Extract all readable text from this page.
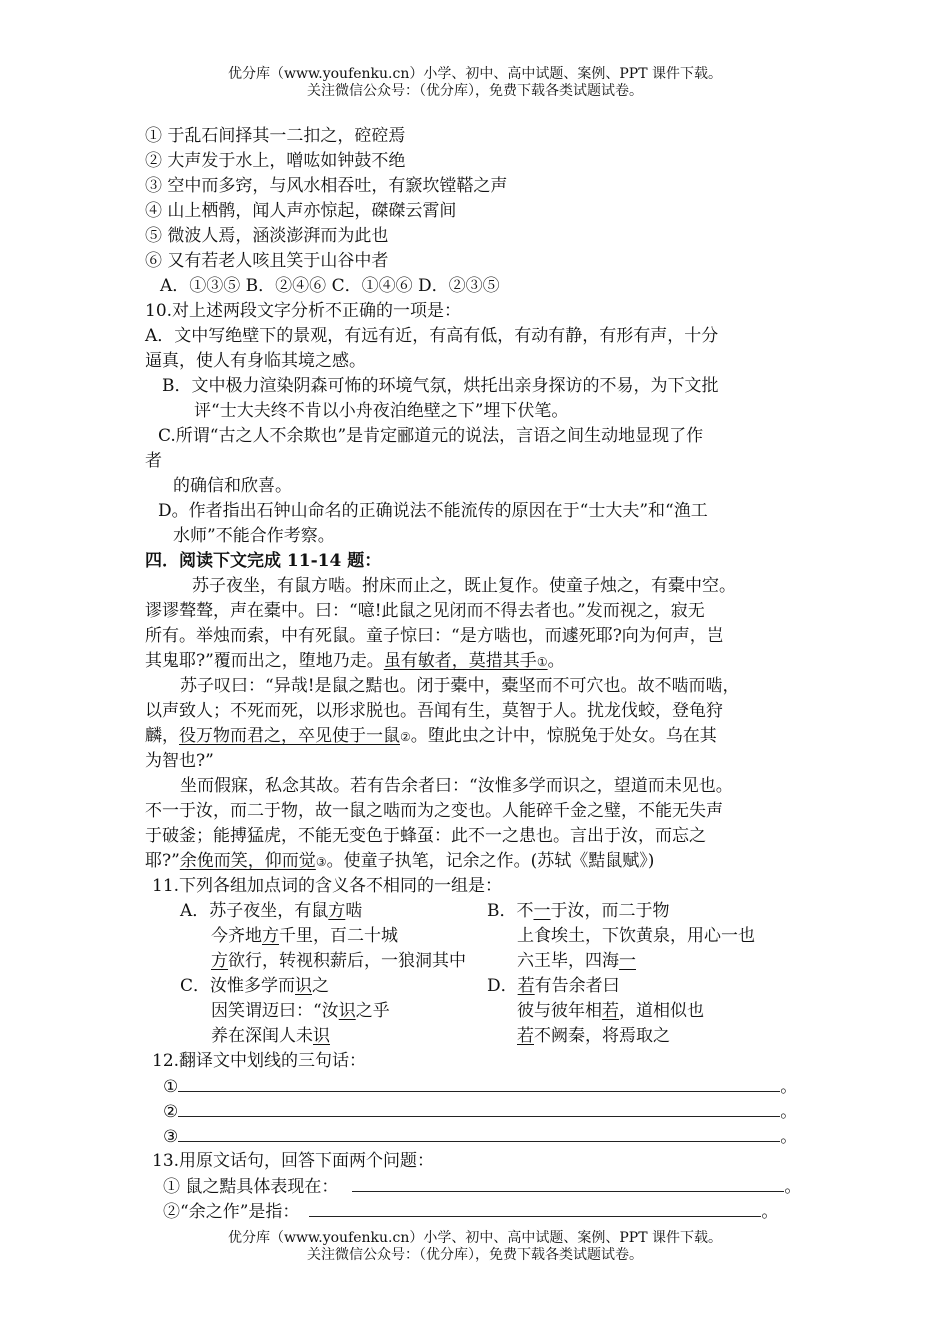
优分库（www.youfenku.cn）小学、初中、高中试题、案例、PPT 课件下载。
关注微信公众号：（优分库），免费下载各类试题试卷。
① 于乱石间择其一二扣之，硿硿焉
② 大声发于水上，噌吰如钟鼓不绝
③ 空中而多窍，与风水相吞吐，有窾坎镗鞳之声
④ 山上栖鹘，闻人声亦惊起，磔磔云霄间
⑤ 微波人焉，涵淡澎湃而为此也
⑥ 又有若老人咳且笑于山谷中者
A．①③⑤ B．②④⑥ C．①④⑥ D．②③⑤
10.对上述两段文字分析不正确的一项是：
A．文中写绝壁下的景观，有远有近，有高有低，有动有静，有形有声，十分
逼真，使人有身临其境之感。
B．文中极力渲染阴森可怖的环境气氛，烘托出亲身探访的不易，为下文批
评“士大夫终不肯以小舟夜泊绝壁之下”埋下伏笔。
C.所谓“古之人不余欺也”是肯定郦道元的说法，言语之间生动地显现了作
者
的确信和欣喜。
D。作者指出石钟山命名的正确说法不能流传的原因在于“士大夫”和“渔工
水师”不能合作考察。
四．阅读下文完成 11-14 题：
苏子夜坐，有鼠方啮。拊床而止之，既止复作。使童子烛之，有橐中空。
谬谬聱聱，声在橐中。曰：“噫!此鼠之见闭而不得去者也。”发而视之，寂无
所有。举烛而索，中有死鼠。童子惊曰：“是方啮也，而遽死耶?向为何声，岂
其鬼耶?”覆而出之，堕地乃走。虽有敏者，莫措其手①。
苏子叹曰：“异哉!是鼠之黠也。闭于橐中，橐坚而不可穴也。故不啮而啮，
以声致人；不死而死，以形求脱也。吾闻有生，莫智于人。扰龙伐蛟，登龟狩
麟，役万物而君之，卒见使于一鼠②。堕此虫之计中，惊脱兔于处女。乌在其
为智也?”
坐而假寐，私念其故。若有告余者曰：“汝惟多学而识之，望道而未见也。
不一于汝，而二于物，故一鼠之啮而为之变也。人能碎千金之璧，不能无失声
于破釜；能搏猛虎，不能无变色于蜂虿：此不一之患也。言出于汝，而忘之
耶?”余俛而笑，仰而觉③。使童子执笔，记余之作。(苏轼《黠鼠赋》)
11.下列各组加点词的含义各不相同的一组是：
A．苏子夜坐，有鼠方啮	B．不一于汝，而二于物
今齐地方千里，百二十城	上食埃土，下饮黄泉，用心一也
方欲行，转视积薪后，一狼洞其中	六王毕，四海一
C．汝惟多学而识之	D．若有告余者曰
因笑谓迈曰：“汝识之乎	彼与彼年相若，道相似也
养在深闺人未识	若不阙秦，将焉取之
12.翻译文中划线的三句话：
①	。
②	。
③	。
13.用原文话句，回答下面两个问题：
① 鼠之黠具体表现在：	。
②“余之作”是指：	。
优分库（www.youfenku.cn）小学、初中、高中试题、案例、PPT 课件下载。
关注微信公众号：（优分库），免费下载各类试题试卷。
